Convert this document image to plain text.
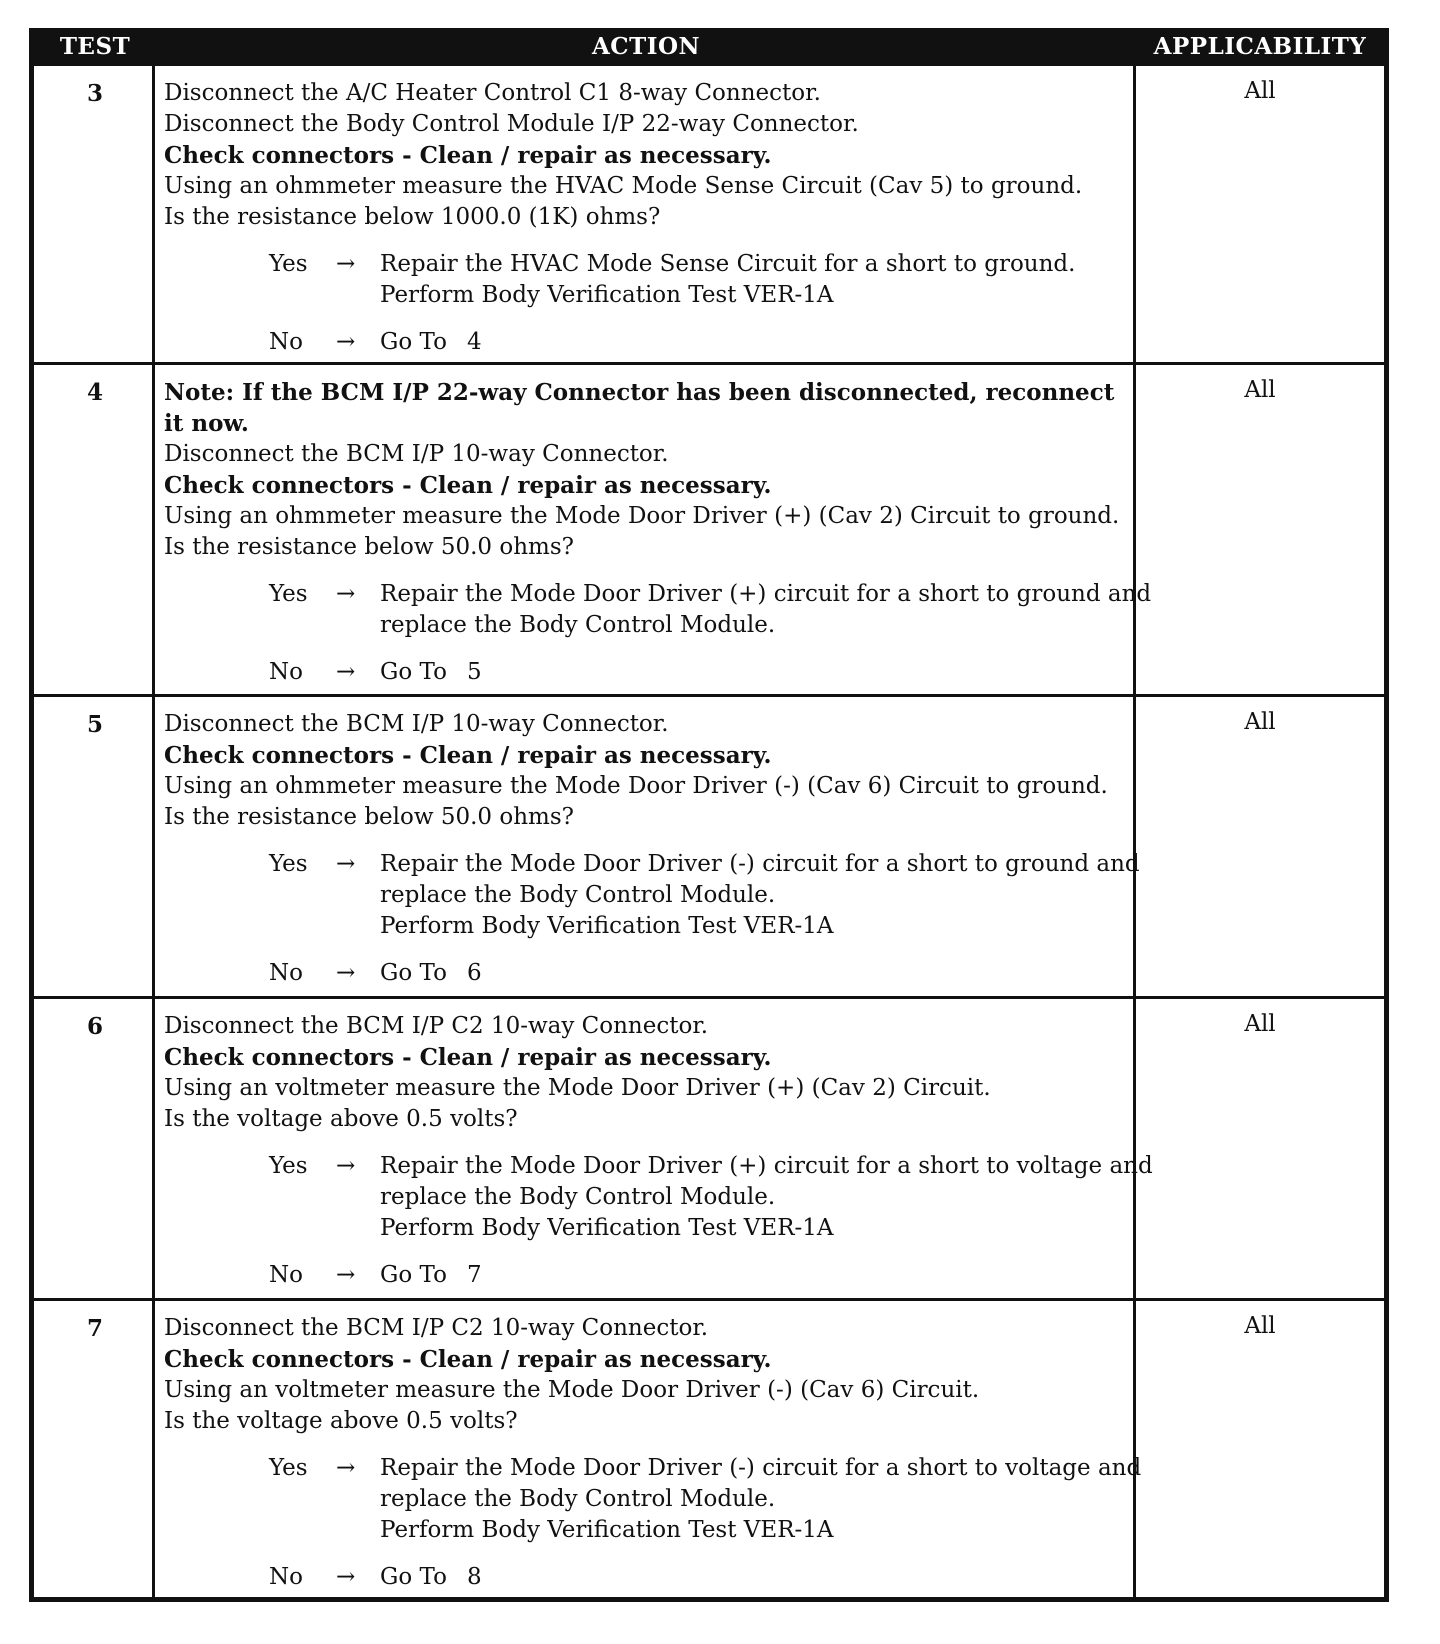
TEST	ACTION	APPLICABILITY
3	Disconnect the A/C Heater Control C1 8-way Connector.
Disconnect the Body Control Module I/P 22-way Connector.
Check connectors - Clean / repair as necessary.
Using an ohmmeter measure the HVAC Mode Sense Circuit (Cav 5) to ground.
Is the resistance below 1000.0 (1K) ohms?
Yes → Repair the HVAC Mode Sense Circuit for a short to ground.
Perform Body Verification Test VER-1A
No → Go To 4
All
4	Note: If the BCM I/P 22-way Connector has been disconnected, reconnect it now.
Disconnect the BCM I/P 10-way Connector.
Check connectors - Clean / repair as necessary.
Using an ohmmeter measure the Mode Door Driver (+) (Cav 2) Circuit to ground.
Is the resistance below 50.0 ohms?
Yes → Repair the Mode Door Driver (+) circuit for a short to ground and
replace the Body Control Module.
No → Go To 5
All
5	Disconnect the BCM I/P 10-way Connector.
Check connectors - Clean / repair as necessary.
Using an ohmmeter measure the Mode Door Driver (-) (Cav 6) Circuit to ground.
Is the resistance below 50.0 ohms?
Yes → Repair the Mode Door Driver (-) circuit for a short to ground and
replace the Body Control Module.
Perform Body Verification Test VER-1A
No → Go To 6
All
6	Disconnect the BCM I/P C2 10-way Connector.
Check connectors - Clean / repair as necessary.
Using an voltmeter measure the Mode Door Driver (+) (Cav 2) Circuit.
Is the voltage above 0.5 volts?
Yes → Repair the Mode Door Driver (+) circuit for a short to voltage and
replace the Body Control Module.
Perform Body Verification Test VER-1A
No → Go To 7
All
7	Disconnect the BCM I/P C2 10-way Connector.
Check connectors - Clean / repair as necessary.
Using an voltmeter measure the Mode Door Driver (-) (Cav 6) Circuit.
Is the voltage above 0.5 volts?
Yes → Repair the Mode Door Driver (-) circuit for a short to voltage and
replace the Body Control Module.
Perform Body Verification Test VER-1A
No → Go To 8
All
